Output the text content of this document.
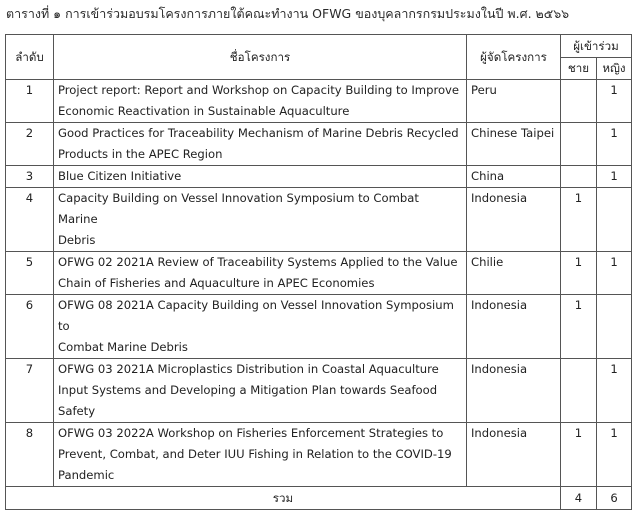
ตารางที่ ๑ การเข้าร่วมอบรมโครงการภายใต้คณะทำงาน OFWG ของบุคลากรกรมประมงในปี พ.ศ. ๒๕๖๖
ลำดับ	ชื่อโครงการ	ผู้จัดโครงการ	ผู้เข้าร่วม	
			ชาย	หญิง
1	Project report: Report and Workshop on Capacity Building to Improve
Economic Reactivation in Sustainable Aquaculture	Peru		1
2	Good Practices for Traceability Mechanism of Marine Debris Recycled
Products in the APEC Region	Chinese Taipei		1
3	Blue Citizen Initiative	China		1
4	Capacity Building on Vessel Innovation Symposium to Combat Marine
Debris	Indonesia	1	
5	OFWG 02 2021A Review of Traceability Systems Applied to the Value
Chain of Fisheries and Aquaculture in APEC Economies	Chilie	1	1
6	OFWG 08 2021A Capacity Building on Vessel Innovation Symposium to
Combat Marine Debris	Indonesia	1	
7	OFWG 03 2021A Microplastics Distribution in Coastal Aquaculture
Input Systems and Developing a Mitigation Plan towards Seafood
Safety	Indonesia		1
8	OFWG 03 2022A Workshop on Fisheries Enforcement Strategies to
Prevent, Combat, and Deter IUU Fishing in Relation to the COVID-19
Pandemic	Indonesia	1	1
รวม			4	6
